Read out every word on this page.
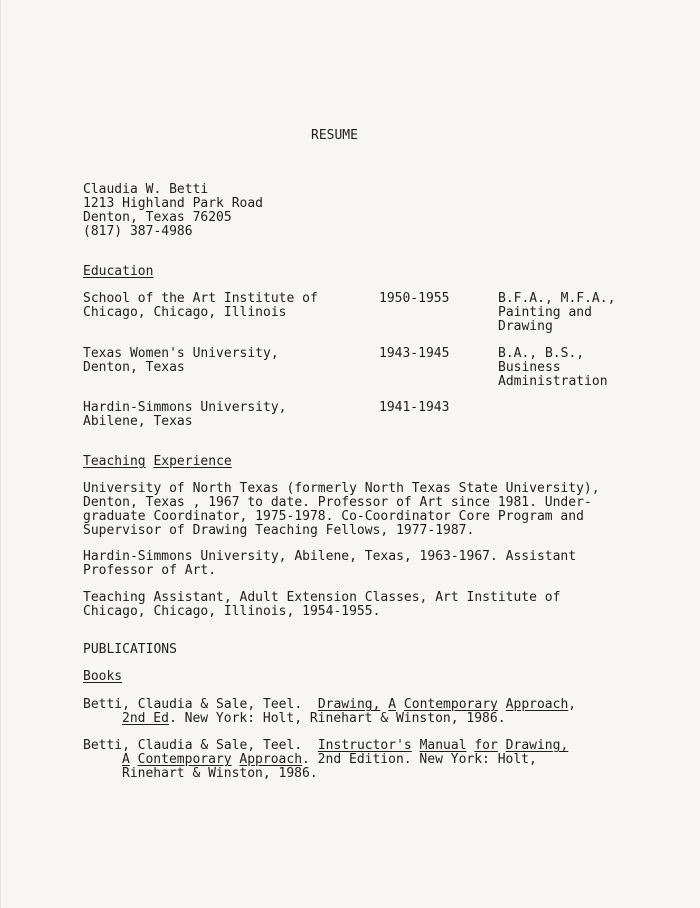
RESUME
Claudia W. Betti
1213 Highland Park Road
Denton, Texas 76205
(817) 387-4986
Education
School of the Art Institute of
Chicago, Chicago, Illinois
1950-1955	B.F.A., M.F.A.,
Painting and
Drawing
Texas Women's University,
Denton, Texas
1943-1945	B.A., B.S.,
Business
Administration
Hardin-Simmons University,
Abilene, Texas
1941-1943
Teaching Experience
University of North Texas (formerly North Texas State University),
Denton, Texas , 1967 to date. Professor of Art since 1981. Under-
graduate Coordinator, 1975-1978. Co-Coordinator Core Program and
Supervisor of Drawing Teaching Fellows, 1977-1987.
Hardin-Simmons University, Abilene, Texas, 1963-1967. Assistant
Professor of Art.
Teaching Assistant, Adult Extension Classes, Art Institute of
Chicago, Chicago, Illinois, 1954-1955.
PUBLICATIONS
Books
Betti, Claudia & Sale, Teel. Drawing, A Contemporary Approach,
2nd Ed. New York: Holt, Rinehart & Winston, 1986.
Betti, Claudia & Sale, Teel. Instructor's Manual for Drawing,
A Contemporary Approach. 2nd Edition. New York: Holt,
Rinehart & Winston, 1986.
